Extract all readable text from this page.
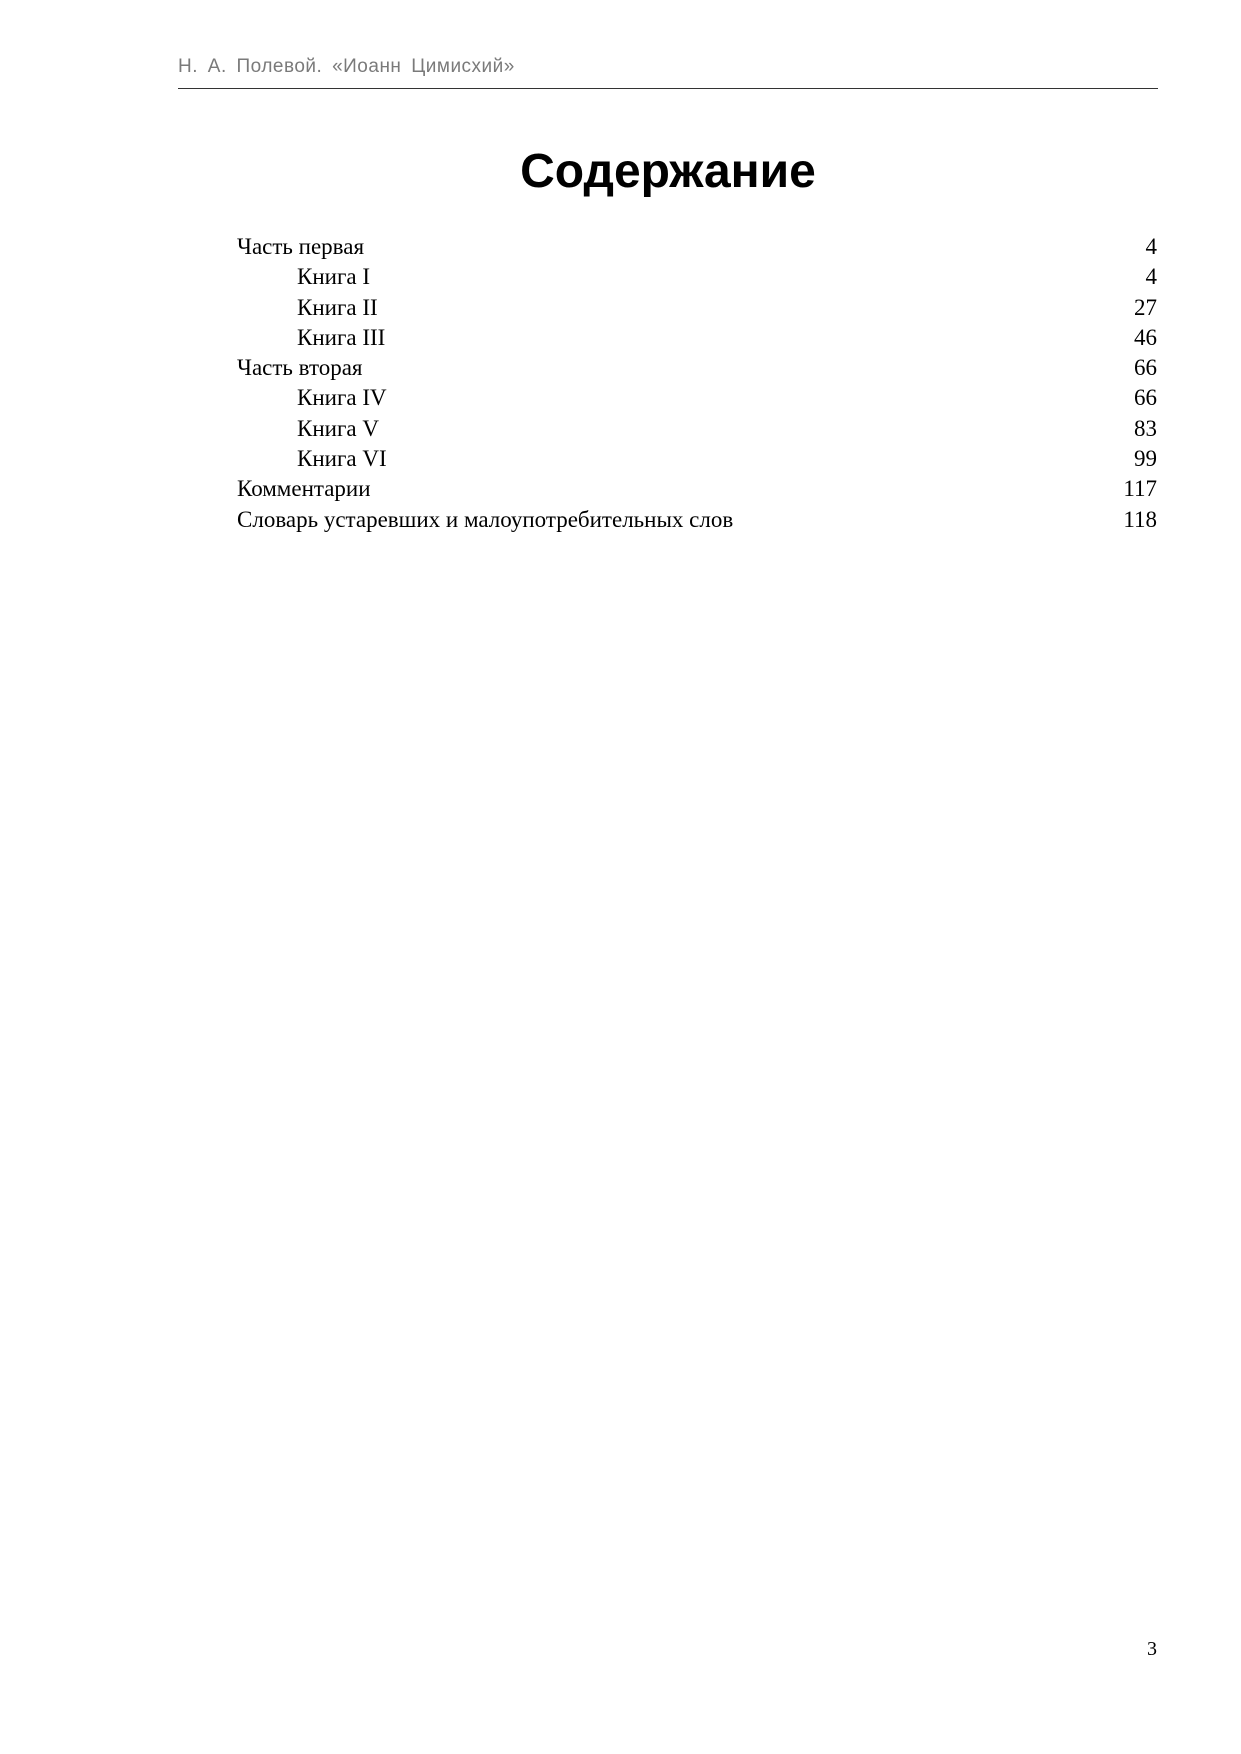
Н. А. Полевой. «Иоанн Цимисхий»
Содержание
Часть первая	4
Книга I	4
Книга II	27
Книга III	46
Часть вторая	66
Книга IV	66
Книга V	83
Книга VI	99
Комментарии	117
Словарь устаревших и малоупотребительных слов	118
3
